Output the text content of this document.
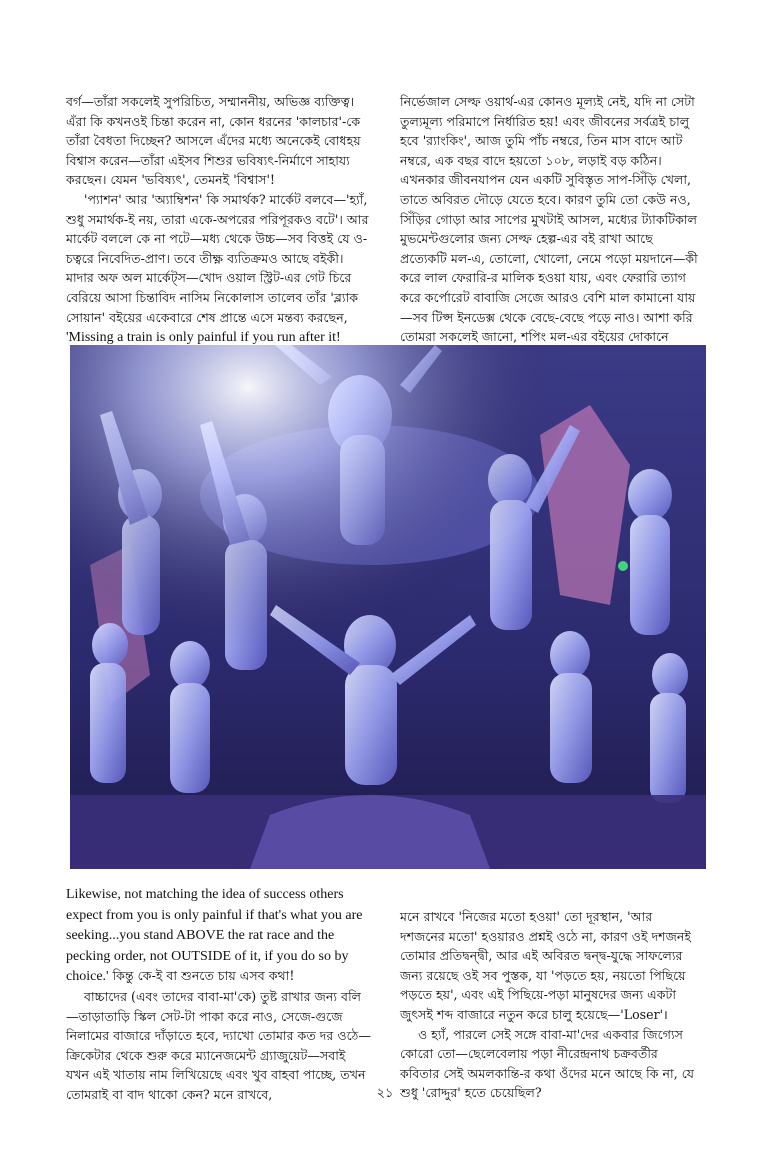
বর্গ—তাঁরা সকলেই সুপরিচিত, সম্মাননীয়, অভিজ্ঞ ব্যক্তিত্ব। এঁরা কি কখনওই চিন্তা করেন না, কোন ধরনের 'কালচার'-কে তাঁরা বৈধতা দিচ্ছেন? আসলে এঁদের মধ্যে অনেকেই বোধহয় বিশ্বাস করেন—তাঁরা এইসব শিশুর ভবিষ্যৎ-নির্মাণে সাহায্য করছেন। যেমন 'ভবিষ্যৎ', তেমনই 'বিশ্বাস'!

'প্যাশন' আর 'অ্যাম্বিশন' কি সমার্থক? মার্কেট বলবে—'হ্যাঁ, শুধু সমার্থক-ই নয়, তারা একে-অপরের পরিপূরকও বটে'। আর মার্কেট বললে কে না পটে—মধ্য থেকে উচ্চ—সব বিত্তই যে ও-চত্বরে নিবেদিত-প্রাণ। তবে তীক্ষ্ণ ব্যতিক্রমও আছে বইকী। মাদার অফ অল মার্কেট্স—খোদ ওয়াল স্ট্রিট-এর গেট চিরে বেরিয়ে আসা চিন্তাবিদ নাসিম নিকোলাস তালেব তাঁর 'ব্ল্যাক সোয়ান' বইয়ের একেবারে শেষ প্রান্তে এসে মন্তব্য করছেন,
'Missing a train is only painful if you run after it!

নির্ভেজাল সেল্ফ ওয়ার্থ-এর কোনও মূল্যই নেই, যদি না সেটা তুল্যমূল্য পরিমাপে নির্ধারিত হয়! এবং জীবনের সর্বত্রই চালু হবে 'র‍্যাংকিং', আজ তুমি পাঁচ নম্বরে, তিন মাস বাদে আট নম্বরে, এক বছর বাদে হয়তো ১০৮, লড়াই বড় কঠিন। এখনকার জীবনযাপন যেন একটি সুবিস্তৃত সাপ-সিঁড়ি খেলা, তাতে অবিরত দৌড়ে যেতে হবে। কারণ তুমি তো কেউ নও, সিঁড়ির গোড়া আর সাপের মুখটাই আসল, মধ্যের ট্যাকটিকাল মুভমেন্টগুলোর জন্য সেল্ফ হেল্প-এর বই রাখা আছে প্রত্যেকটি মল-এ, তোলো, খোলো, নেমে পড়ো ময়দানে—কী করে লাল ফেরারি-র মালিক হওয়া যায়, এবং ফেরারি ত্যাগ করে কর্পোরেট বাবাজি সেজে আরও বেশি মাল কামানো যায়—সব টিপ্স ইনডেক্স থেকে বেছে-বেছে পড়ে নাও। আশা করি তোমরা সকলেই জানো, শপিং মল-এর বইয়ের দোকানে

Likewise, not matching the idea of success others expect from you is only painful if that's what you are seeking...you stand ABOVE the rat race and the pecking order, not OUTSIDE of it, if you do so by choice.' কিন্তু কে-ই বা শুনতে চায় এসব কথা!

বাচ্চাদের (এবং তাদের বাবা-মা'কে) তুষ্ট রাখার জন্য বলি—তাড়াতাড়ি স্কিল সেট-টা পাকা করে নাও, সেজে-গুজে নিলামের বাজারে দাঁড়াতে হবে, দ্যাখো তোমার কত দর ওঠে—ক্রিকেটার থেকে শুরু করে ম্যানেজমেন্ট গ্র্যাজুয়েট—সবাই যখন এই খাতায় নাম লিখিয়েছে এবং খুব বাহবা পাচ্ছে, তখন তোমরাই বা বাদ থাকো কেন? মনে রাখবে,

মনে রাখবে 'নিজের মতো হওয়া' তো দূরস্থান, 'আর দশজনের মতো' হওয়ারও প্রশ্নই ওঠে না, কারণ ওই দশজনই তোমার প্রতিদ্বন্দ্বী, আর এই অবিরত দ্বন্দ্ব-যুদ্ধে সাফল্যের জন্য রয়েছে ওই সব পুস্তক, যা 'পড়তে হয়, নয়তো পিছিয়ে পড়তে হয়', এবং এই পিছিয়ে-পড়া মানুষদের জন্য একটা জুৎসই শব্দ বাজারে নতুন করে চালু হয়েছে—'Loser'।

ও হ্যাঁ, পারলে সেই সঙ্গে বাবা-মা'দের একবার জিগ্যেস কোরো তো—ছেলেবেলায় পড়া নীরেন্দ্রনাথ চক্রবর্তীর কবিতার সেই অমলকান্তি-র কথা ওঁদের মনে আছে কি না, যে শুধু 'রোদ্দুর' হতে চেয়েছিল?

২১
